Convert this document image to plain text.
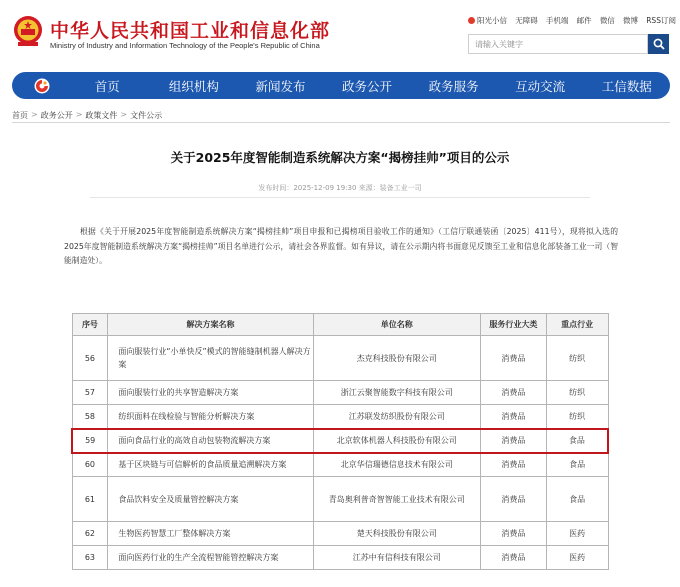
中华人民共和国工业和信息化部
Ministry of Industry and Information Technology of the People's Republic of China
阳光小信 无障碍 手机端 邮件 微信 微博 RSS订阅
请输入关键字
首页	组织机构	新闻发布	政务公开	政务服务	互动交流	工信数据
首页 > 政务公开 > 政策文件 > 文件公示
关于2025年度智能制造系统解决方案“揭榜挂帅”项目的公示
发布时间：2025-12-09 19:30 来源：装备工业一司

根据《关于开展2025年度智能制造系统解决方案“揭榜挂帅”项目申报和已揭榜项目验收工作的通知》（工信厅联通装函〔2025〕411号），现将拟入选的2025年度智能制造系统解决方案“揭榜挂帅”项目名单进行公示，请社会各界监督。如有异议，请在公示期内将书面意见反馈至工业和信息化部装备工业一司（智能制造处）。

序号	解决方案名称	单位名称	服务行业大类	重点行业
56	面向服装行业“小单快反”模式的智能缝制机器人解决方案	杰克科技股份有限公司	消费品	纺织
57	面向服装行业的共享智造解决方案	浙江云聚智能数字科技有限公司	消费品	纺织
58	纺织面料在线检验与智能分析解决方案	江苏联发纺织股份有限公司	消费品	纺织
59	面向食品行业的高效自动包装物流解决方案	北京软体机器人科技股份有限公司	消费品	食品
60	基于区块链与可信解析的食品质量追溯解决方案	北京华信瑞德信息技术有限公司	消费品	食品
61	食品饮料安全及质量管控解决方案	青岛奥利普奇智智能工业技术有限公司	消费品	食品
62	生物医药智慧工厂整体解决方案	楚天科技股份有限公司	消费品	医药
63	面向医药行业的生产全流程智能管控解决方案	江苏中有信科技有限公司	消费品	医药
